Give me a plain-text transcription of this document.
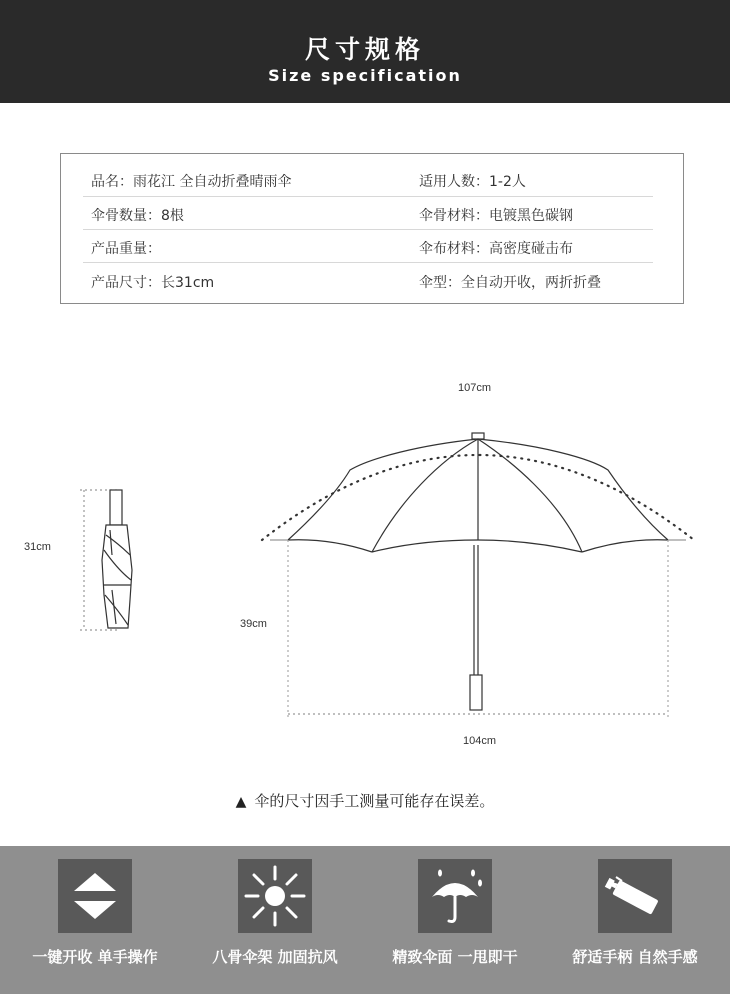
尺寸规格
Size specification
品名：雨花江 全自动折叠晴雨伞	适用人数：1-2人
伞骨数量：8根	伞骨材料：电镀黑色碳钢
产品重量：	伞布材料：高密度碰击布
产品尺寸：长31cm	伞型：全自动开收，两折折叠
107cm
31cm
39cm
104cm
▲ 伞的尺寸因手工测量可能存在误差。
一键开收 单手操作	八骨伞架 加固抗风	精致伞面 一甩即干	舒适手柄 自然手感
